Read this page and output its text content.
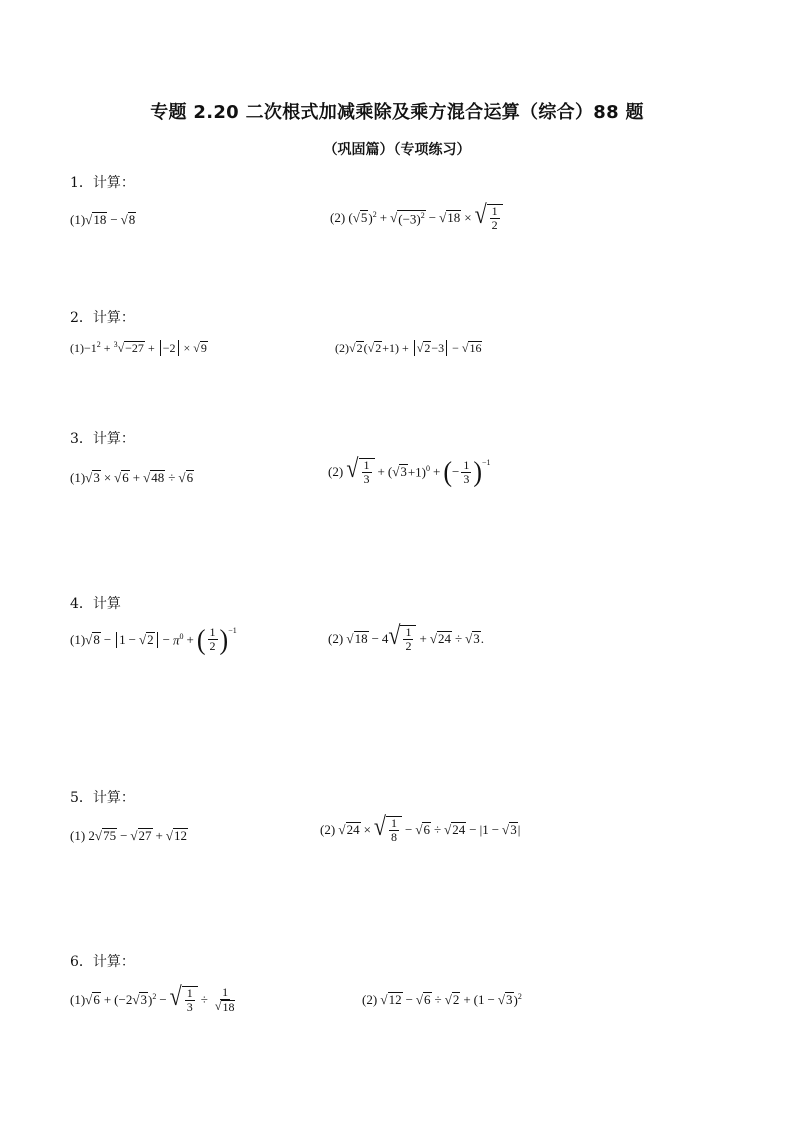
专题 2.20 二次根式加减乘除及乘方混合运算（综合）88 题
（巩固篇）（专项练习）
1．计算：
(1) √ 18 − √ 8	(2) ( √ 5 )$^2$ + √ $(-3)^2$ − √ 18 × √ $\frac{1}{2}$
2．计算：
$(1) -1^2 + ^3$ √ −27 + −2 × √ 9	(2) √ 2 ( √ 2 +1) + √ 2 −3 − √ 16
3．计算：
(1) √ 3 × √ 6 + √ 48 ÷ √ 6	(2)
√ $\frac{1}{3}$ + ( √ 3 +1)$^0$ + ( − $\frac{1}{3} )^{-1}$
4．计算
(1) √ 8 − 1 − √ $2 - \pi^0$ + ( $\frac{1}{2} )^{-1}$
(2)
√ 18 − 4 √ $\frac{1}{2}$ + √ 24 ÷ √ 3 .
5．计算：
(1)
2 √ 75 − √ 27 + √ 12	(2)
√ 24 × √ $\frac{1}{8}$ − √ 6 ÷ √ 24 − | 1 − √ 3 |
6．计算：
(1) √ 6 + (−2 √ 3 )$^2$ − √ $\frac{1}{3} \div \frac{1}{√ 18}$	(2)
√ 12 − √ 6 ÷ √ 2 + (1 − √ 3 )$^2$
